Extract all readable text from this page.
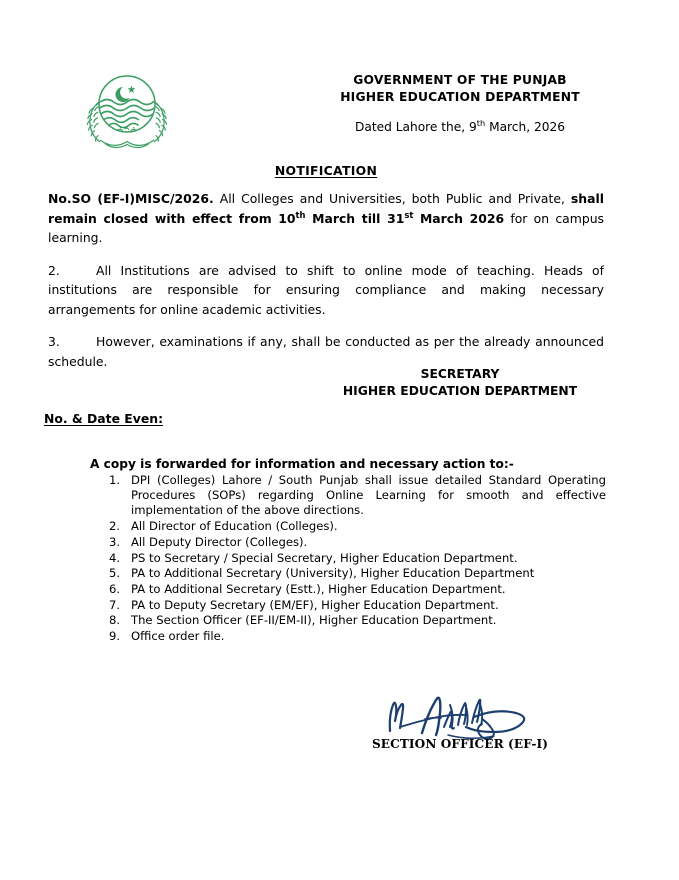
GOVERNMENT OF THE PUNJAB
HIGHER EDUCATION DEPARTMENT
Dated Lahore the, 9th March, 2026
NOTIFICATION

No.SO (EF-I)MISC/2026. All Colleges and Universities, both Public and Private, shall remain closed with effect from 10th March till 31st March 2026 for on campus learning.

2.	All Institutions are advised to shift to online mode of teaching. Heads of institutions are responsible for ensuring compliance and making necessary arrangements for online academic activities.

3.	However, examinations if any, shall be conducted as per the already announced schedule.

SECRETARY
HIGHER EDUCATION DEPARTMENT
No. & Date Even:
A copy is forwarded for information and necessary action to:-
1. DPI (Colleges) Lahore / South Punjab shall issue detailed Standard Operating Procedures (SOPs) regarding Online Learning for smooth and effective implementation of the above directions.
2. All Director of Education (Colleges).
3. All Deputy Director (Colleges).
4. PS to Secretary / Special Secretary, Higher Education Department.
5. PA to Additional Secretary (University), Higher Education Department
6. PA to Additional Secretary (Estt.), Higher Education Department.
7. PA to Deputy Secretary (EM/EF), Higher Education Department.
8. The Section Officer (EF-II/EM-II), Higher Education Department.
9. Office order file.
SECTION OFFICER (EF-I)
